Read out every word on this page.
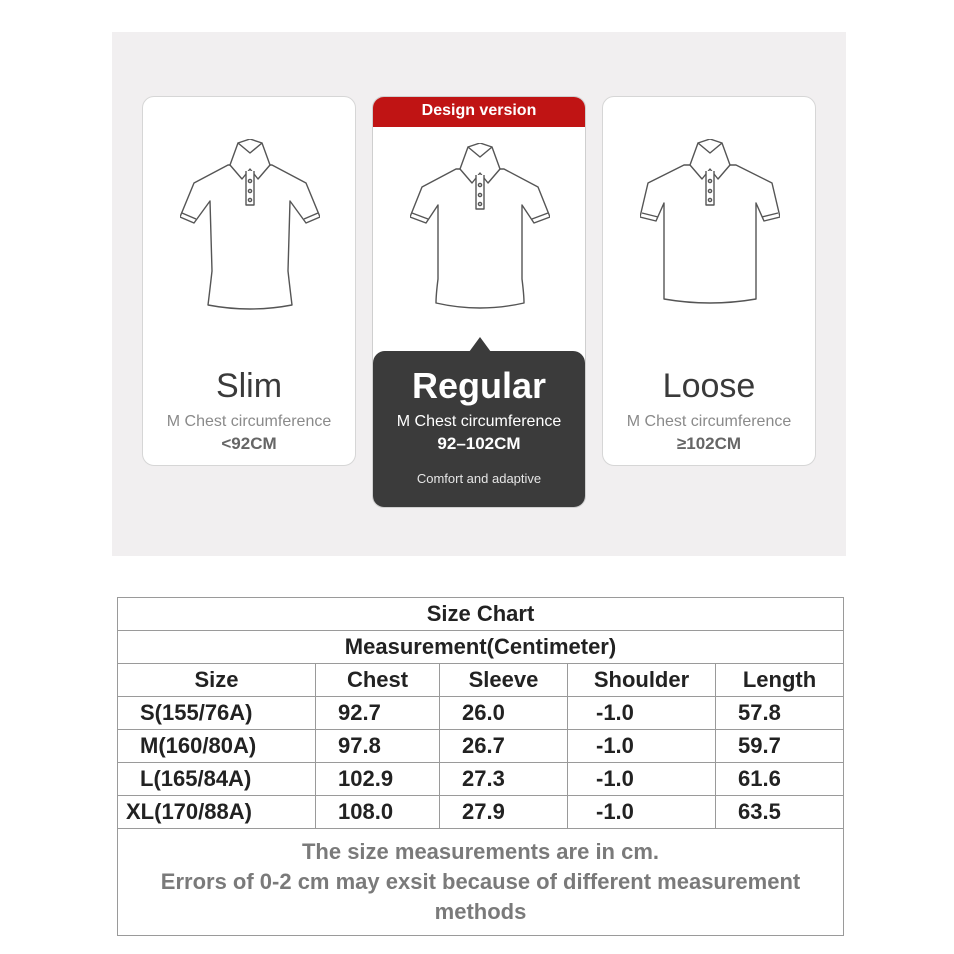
Slim
M Chest circumference
<92CM
Design version
Regular
M Chest circumference
92–102CM
Comfort and adaptive
Loose
M Chest circumference
≥102CM
Size Chart				
Measurement(Centimeter)				
Size	Chest	Sleeve	Shoulder	Length
S(155/76A)	92.7	26.0	-1.0	57.8
M(160/80A)	97.8	26.7	-1.0	59.7
L(165/84A)	102.9	27.3	-1.0	61.6
XL(170/88A)	108.0	27.9	-1.0	63.5

The size measurements are in cm.
Errors of 0-2 cm may exsit because of different measurement methods				
